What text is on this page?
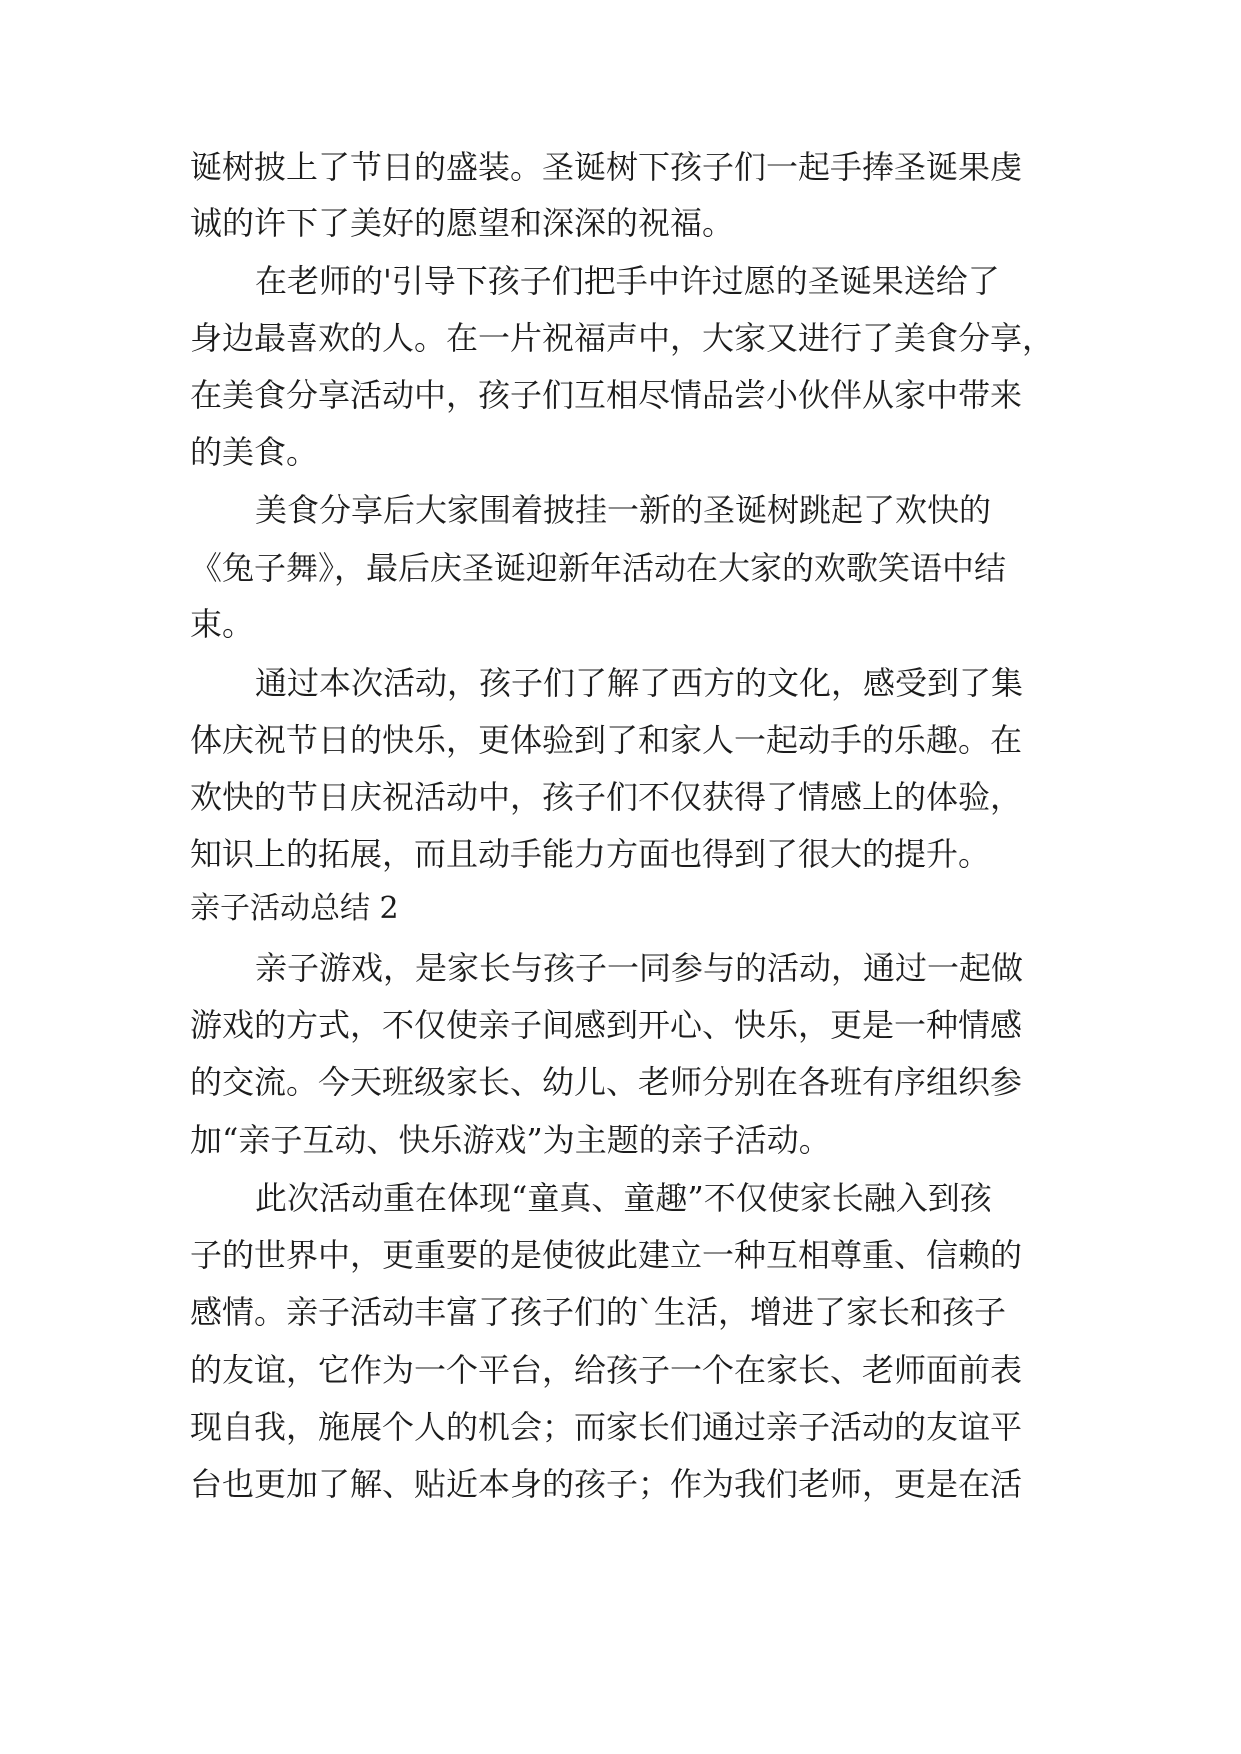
诞树披上了节日的盛装。圣诞树下孩子们一起手捧圣诞果虔

诚的许下了美好的愿望和深深的祝福。

在老师的'引导下孩子们把手中许过愿的圣诞果送给了

身边最喜欢的人。在一片祝福声中，大家又进行了美食分享，

在美食分享活动中，孩子们互相尽情品尝小伙伴从家中带来

的美食。

美食分享后大家围着披挂一新的圣诞树跳起了欢快的

《兔子舞》，最后庆圣诞迎新年活动在大家的欢歌笑语中结

束。

通过本次活动，孩子们了解了西方的文化，感受到了集

体庆祝节日的快乐，更体验到了和家人一起动手的乐趣。在

欢快的节日庆祝活动中，孩子们不仅获得了情感上的体验，

知识上的拓展，而且动手能力方面也得到了很大的提升。

亲子活动总结 2

亲子游戏，是家长与孩子一同参与的活动，通过一起做

游戏的方式，不仅使亲子间感到开心、快乐，更是一种情感

的交流。今天班级家长、幼儿、老师分别在各班有序组织参

加“亲子互动、快乐游戏”为主题的亲子活动。

此次活动重在体现“童真、童趣”不仅使家长融入到孩

子的世界中，更重要的是使彼此建立一种互相尊重、信赖的

感情。亲子活动丰富了孩子们的`生活，增进了家长和孩子

的友谊，它作为一个平台，给孩子一个在家长、老师面前表

现自我，施展个人的机会；而家长们通过亲子活动的友谊平

台也更加了解、贴近本身的孩子；作为我们老师，更是在活
